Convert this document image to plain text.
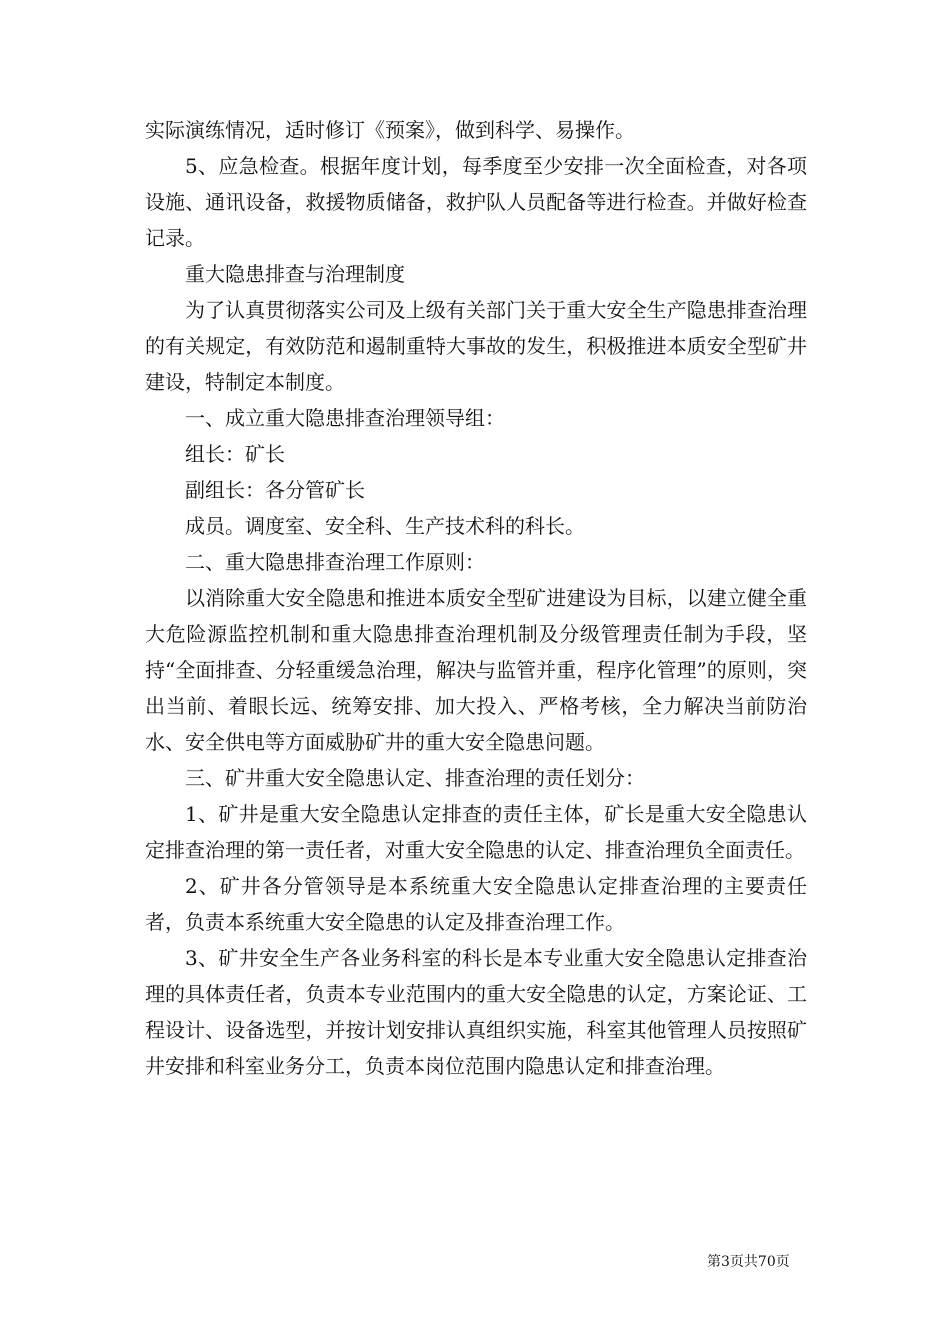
实际演练情况，适时修订《预案》，做到科学、易操作。

5、应急检查。根据年度计划，每季度至少安排一次全面检查，对各项设施、通讯设备，救援物质储备，救护队人员配备等进行检查。并做好检查记录。

重大隐患排查与治理制度

为了认真贯彻落实公司及上级有关部门关于重大安全生产隐患排查治理的有关规定，有效防范和遏制重特大事故的发生，积极推进本质安全型矿井建设，特制定本制度。

一、成立重大隐患排查治理领导组：

组长：矿长

副组长：各分管矿长

成员。调度室、安全科、生产技术科的科长。

二、重大隐患排查治理工作原则：

以消除重大安全隐患和推进本质安全型矿进建设为目标，以建立健全重大危险源监控机制和重大隐患排查治理机制及分级管理责任制为手段，坚持“全面排查、分轻重缓急治理，解决与监管并重，程序化管理”的原则，突出当前、着眼长远、统筹安排、加大投入、严格考核，全力解决当前防治水、安全供电等方面威胁矿井的重大安全隐患问题。

三、矿井重大安全隐患认定、排查治理的责任划分：

1、矿井是重大安全隐患认定排查的责任主体，矿长是重大安全隐患认定排查治理的第一责任者，对重大安全隐患的认定、排查治理负全面责任。

2、矿井各分管领导是本系统重大安全隐患认定排查治理的主要责任者，负责本系统重大安全隐患的认定及排查治理工作。

3、矿井安全生产各业务科室的科长是本专业重大安全隐患认定排查治理的具体责任者，负责本专业范围内的重大安全隐患的认定，方案论证、工程设计、设备选型，并按计划安排认真组织实施，科室其他管理人员按照矿井安排和科室业务分工，负责本岗位范围内隐患认定和排查治理。

第3页共70页
